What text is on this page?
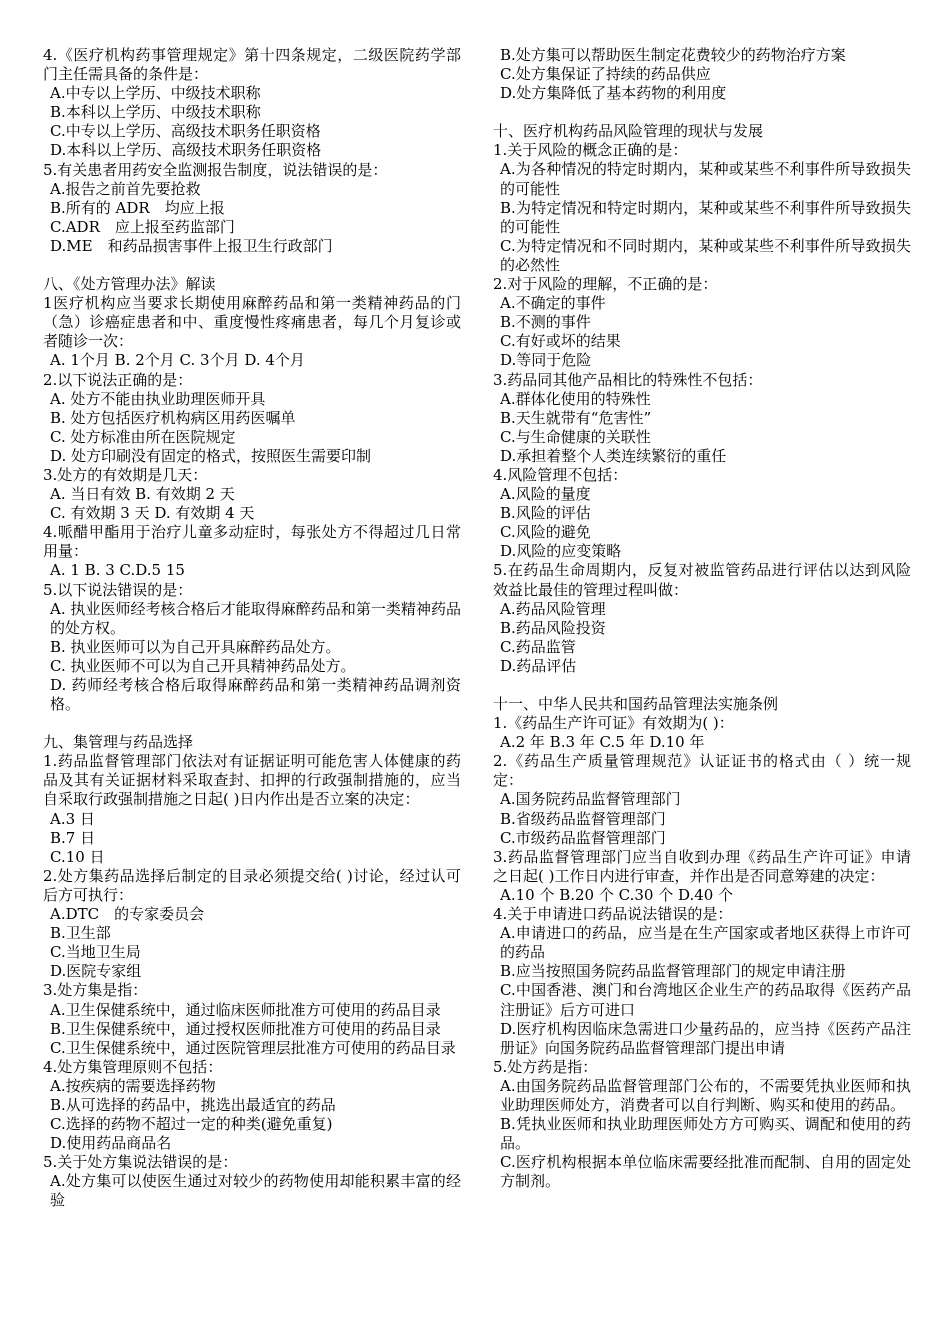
4.《医疗机构药事管理规定》第十四条规定，二级医院药学部门主任需具备的条件是：

A.中专以上学历、中级技术职称

B.本科以上学历、中级技术职称

C.中专以上学历、高级技术职务任职资格

D.本科以上学历、高级技术职务任职资格

5.有关患者用药安全监测报告制度，说法错误的是：

A.报告之前首先要抢救

B.所有的 ADR　均应上报

C.ADR　应上报至药监部门

D.ME　和药品损害事件上报卫生行政部门

八、《处方管理办法》解读

1医疗机构应当要求长期使用麻醉药品和第一类精神药品的门（急）诊癌症患者和中、重度慢性疼痛患者，每几个月复诊或者随诊一次：

A. 1个月 B. 2个月 C. 3个月 D. 4个月

2.以下说法正确的是：

A. 处方不能由执业助理医师开具

B. 处方包括医疗机构病区用药医嘱单

C. 处方标准由所在医院规定

D. 处方印刷没有固定的格式，按照医生需要印制

3.处方的有效期是几天：

A. 当日有效 B. 有效期 2 天

C. 有效期 3 天 D. 有效期 4 天

4.哌醋甲酯用于治疗儿童多动症时，每张处方不得超过几日常用量：

A. 1 B. 3 C.D.5 15

5.以下说法错误的是：

A. 执业医师经考核合格后才能取得麻醉药品和第一类精神药品的处方权。

B. 执业医师可以为自己开具麻醉药品处方。

C. 执业医师不可以为自己开具精神药品处方。

D. 药师经考核合格后取得麻醉药品和第一类精神药品调剂资格。

九、集管理与药品选择

1.药品监督管理部门依法对有证据证明可能危害人体健康的药品及其有关证据材料采取查封、扣押的行政强制措施的，应当自采取行政强制措施之日起( )日内作出是否立案的决定：

A.3 日

B.7 日

C.10 日

2.处方集药品选择后制定的目录必须提交给( )讨论，经过认可后方可执行：

A.DTC　的专家委员会

B.卫生部

C.当地卫生局

D.医院专家组

3.处方集是指：

A.卫生保健系统中，通过临床医师批准方可使用的药品目录

B.卫生保健系统中，通过授权医师批准方可使用的药品目录

C.卫生保健系统中，通过医院管理层批准方可使用的药品目录

4.处方集管理原则不包括：

A.按疾病的需要选择药物

B.从可选择的药品中，挑选出最适宜的药品

C.选择的药物不超过一定的种类(避免重复)

D.使用药品商品名

5.关于处方集说法错误的是：

A.处方集可以使医生通过对较少的药物使用却能积累丰富的经验

B.处方集可以帮助医生制定花费较少的药物治疗方案

C.处方集保证了持续的药品供应

D.处方集降低了基本药物的利用度

十、医疗机构药品风险管理的现状与发展

1.关于风险的概念正确的是：

A.为各种情况的特定时期内，某种或某些不利事件所导致损失的可能性

B.为特定情况和特定时期内，某种或某些不利事件所导致损失的可能性

C.为特定情况和不同时期内，某种或某些不利事件所导致损失的必然性

2.对于风险的理解，不正确的是：

A.不确定的事件

B.不测的事件

C.有好或坏的结果

D.等同于危险

3.药品同其他产品相比的特殊性不包括：

A.群体化使用的特殊性

B.天生就带有“危害性”

C.与生命健康的关联性

D.承担着整个人类连续繁衍的重任

4.风险管理不包括：

A.风险的量度

B.风险的评估

C.风险的避免

D.风险的应变策略

5.在药品生命周期内，反复对被监管药品进行评估以达到风险效益比最佳的管理过程叫做：

A.药品风险管理

B.药品风险投资

C.药品监管

D.药品评估

十一、中华人民共和国药品管理法实施条例

1.《药品生产许可证》有效期为( )：

A.2 年 B.3 年 C.5 年 D.10 年

2.《药品生产质量管理规范》认证证书的格式由（ ）统一规定：

A.国务院药品监督管理部门

B.省级药品监督管理部门

C.市级药品监督管理部门

3.药品监督管理部门应当自收到办理《药品生产许可证》申请之日起( )工作日内进行审查，并作出是否同意筹建的决定：

A.10 个 B.20 个 C.30 个 D.40 个

4.关于申请进口药品说法错误的是：

A.申请进口的药品，应当是在生产国家或者地区获得上市许可的药品

B.应当按照国务院药品监督管理部门的规定申请注册

C.中国香港、澳门和台湾地区企业生产的药品取得《医药产品注册证》后方可进口

D.医疗机构因临床急需进口少量药品的，应当持《医药产品注册证》向国务院药品监督管理部门提出申请

5.处方药是指：

A.由国务院药品监督管理部门公布的，不需要凭执业医师和执业助理医师处方，消费者可以自行判断、购买和使用的药品。

B.凭执业医师和执业助理医师处方方可购买、调配和使用的药品。

C.医疗机构根据本单位临床需要经批准而配制、自用的固定处方制剂。
